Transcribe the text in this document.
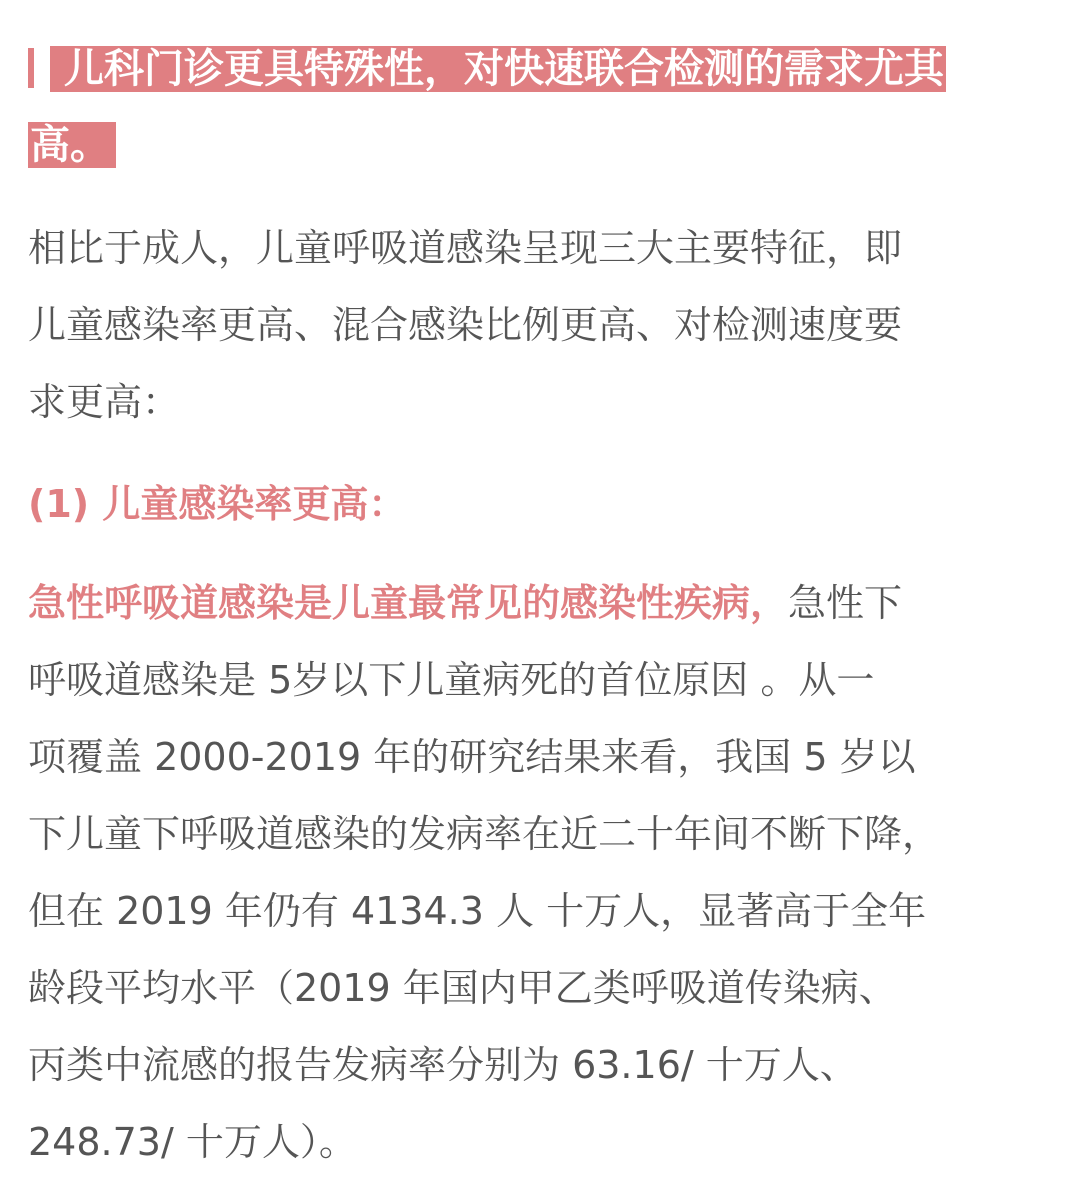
儿科门诊更具特殊性，对快速联合检测的需求尤其
高。
相比于成人，儿童呼吸道感染呈现三大主要特征，即
儿童感染率更高、混合感染比例更高、对检测速度要
求更高：
(1) 儿童感染率更高：
急性呼吸道感染是儿童最常见的感染性疾病，急性下
呼吸道感染是 5岁以下儿童病死的首位原因 。从一
项覆盖 2000-2019 年的研究结果来看，我国 5 岁以
下儿童下呼吸道感染的发病率在近二十年间不断下降，
但在 2019 年仍有 4134.3 人 十万人，显著高于全年
龄段平均水平（2019 年国内甲乙类呼吸道传染病、
丙类中流感的报告发病率分别为 63.16/ 十万人、
248.73/ 十万人）。
